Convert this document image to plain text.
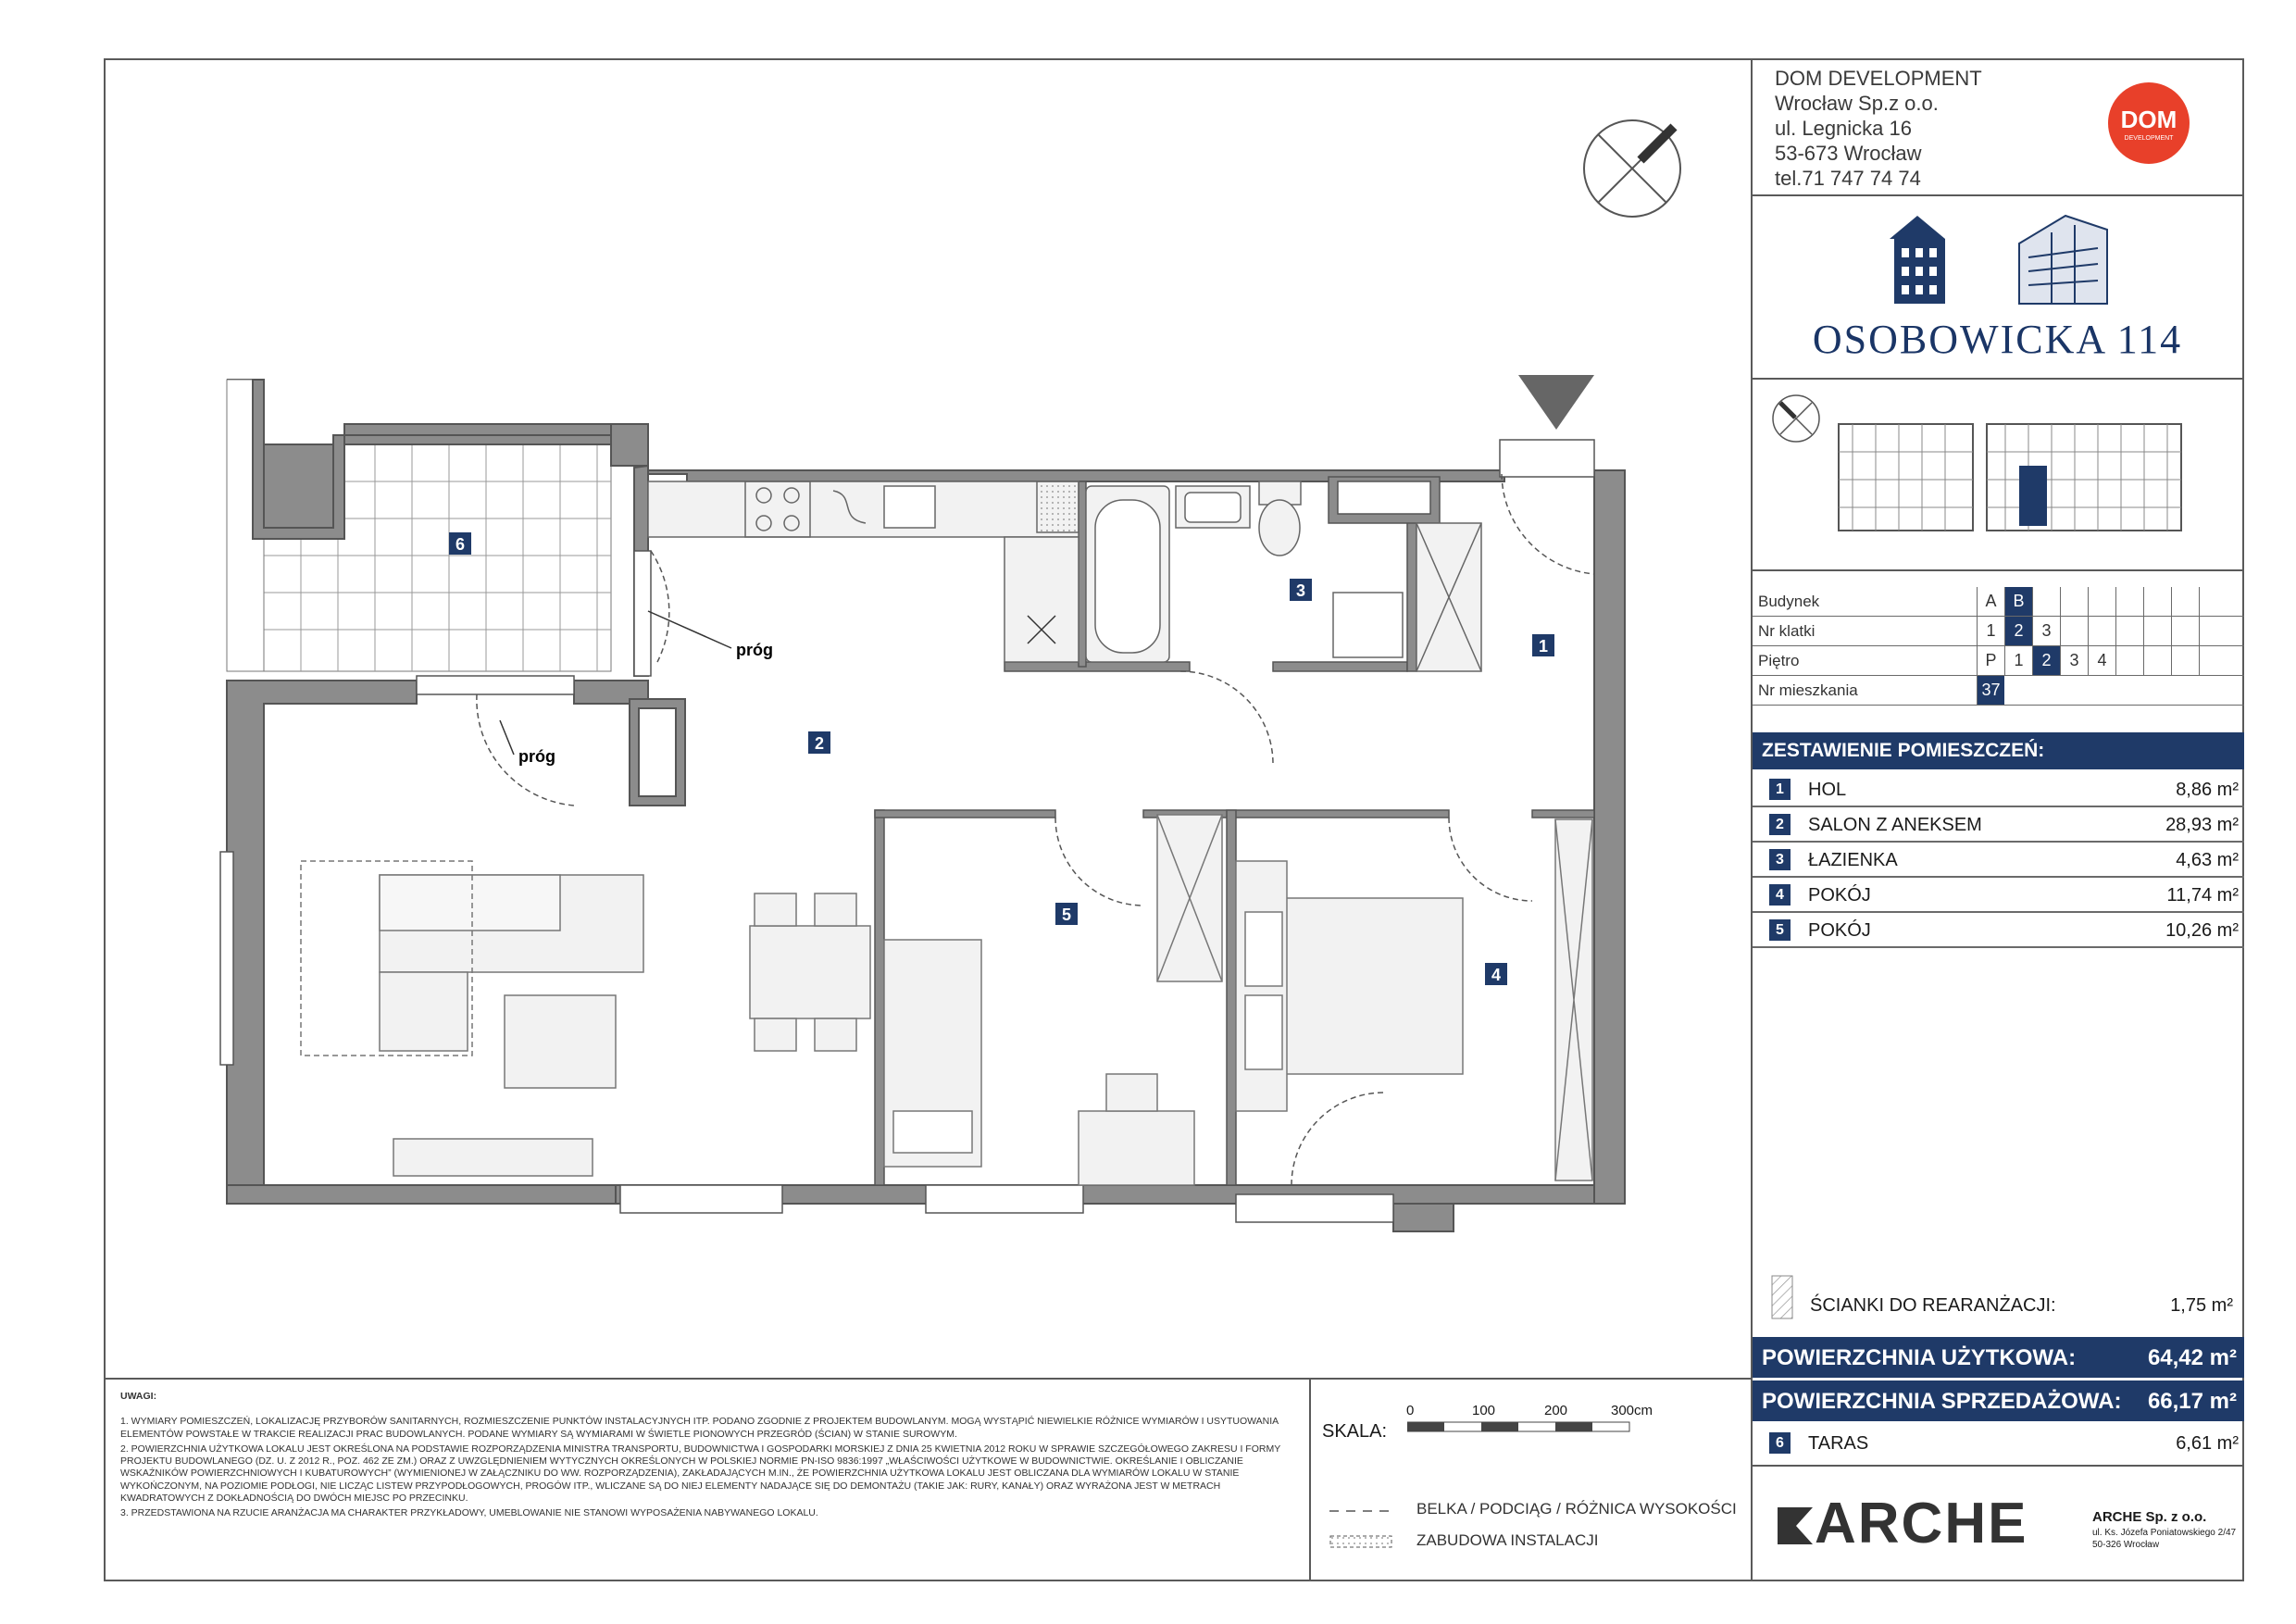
6
3
1
2
5
4
próg
próg
DOM DEVELOPMENT
Wrocław Sp.z o.o.
ul. Legnicka 16
53-673 Wrocław
tel.71 747 74 74
DOM
DEVELOPMENT
OSOBOWICKA 114
Budynek	A B
Nr klatki	1	2	3
Piętro	P	1	2	3	4
Nr mieszkania	37
ZESTAWIENIE POMIESZCZEŃ:
1	HOL	8,86 m²
2	SALON Z ANEKSEM	28,93 m²
3	ŁAZIENKA	4,63 m²
4	POKÓJ	11,74 m²
5	POKÓJ	10,26 m²
ŚCIANKI DO REARANŻACJI:	1,75 m²
POWIERZCHNIA UŻYTKOWA:	64,42 m²
POWIERZCHNIA SPRZEDAŻOWA: 66,17 m²
6	TARAS	6,61 m²

UWAGI:

1. WYMIARY POMIESZCZEŃ, LOKALIZACJĘ PRZYBORÓW SANITARNYCH, ROZMIESZCZENIE PUNKTÓW INSTALACYJNYCH ITP. PODANO ZGODNIE Z PROJEKTEM BUDOWLANYM. MOGĄ WYSTĄPIĆ NIEWIELKIE RÓŻNICE WYMIARÓW I USYTUOWANIA ELEMENTÓW POWSTAŁE W TRAKCIE REALIZACJI PRAC BUDOWLANYCH. PODANE WYMIARY SĄ WYMIARAMI W ŚWIETLE PIONOWYCH PRZEGRÓD (ŚCIAN) W STANIE SUROWYM.

2. POWIERZCHNIA UŻYTKOWA LOKALU JEST OKREŚLONA NA PODSTAWIE ROZPORZĄDZENIA MINISTRA TRANSPORTU, BUDOWNICTWA I GOSPODARKI MORSKIEJ Z DNIA 25 KWIETNIA 2012 ROKU W SPRAWIE SZCZEGÓŁOWEGO ZAKRESU I FORMY PROJEKTU BUDOWLANEGO (DZ. U. Z 2012 R., POZ. 462 ZE ZM.) ORAZ Z UWZGLĘDNIENIEM WYTYCZNYCH OKREŚLONYCH W POLSKIEJ NORMIE PN-ISO 9836:1997 „WŁAŚCIWOŚCI UŻYTKOWE W BUDOWNICTWIE. OKREŚLANIE I OBLICZANIE WSKAŹNIKÓW POWIERZCHNIOWYCH I KUBATUROWYCH” (WYMIENIONEJ W ZAŁĄCZNIKU DO WW. ROZPORZĄDZENIA), ZAKŁADAJĄCYCH M.IN., ŻE POWIERZCHNIA UŻYTKOWA LOKALU JEST OBLICZANA DLA WYMIARÓW LOKALU W STANIE WYKOŃCZONYM, NA POZIOMIE PODŁOGI, NIE LICZĄC LISTEW PRZYPODŁOGOWYCH, PROGÓW ITP., WLICZANE SĄ DO NIEJ ELEMENTY NADAJĄCE SIĘ DO DEMONTAŻU (TAKIE JAK: RURY, KANAŁY) ORAZ WYRAŻONA JEST W METRACH KWADRATOWYCH Z DOKŁADNOŚCIĄ DO DWÓCH MIEJSC PO PRZECINKU.

3. PRZEDSTAWIONA NA RZUCIE ARANŻACJA MA CHARAKTER PRZYKŁADOWY, UMEBLOWANIE NIE STANOWI WYPOSAŻENIA NABYWANEGO LOKALU.

SKALA:
0	100	200	300cm
BELKA / PODCIĄG / RÓŻNICA WYSOKOŚCI
ZABUDOWA INSTALACJI	ARCHE	ARCHE Sp. z o.o.
ul. Ks. Józefa Poniatowskiego 2/47
50-326 Wrocław
